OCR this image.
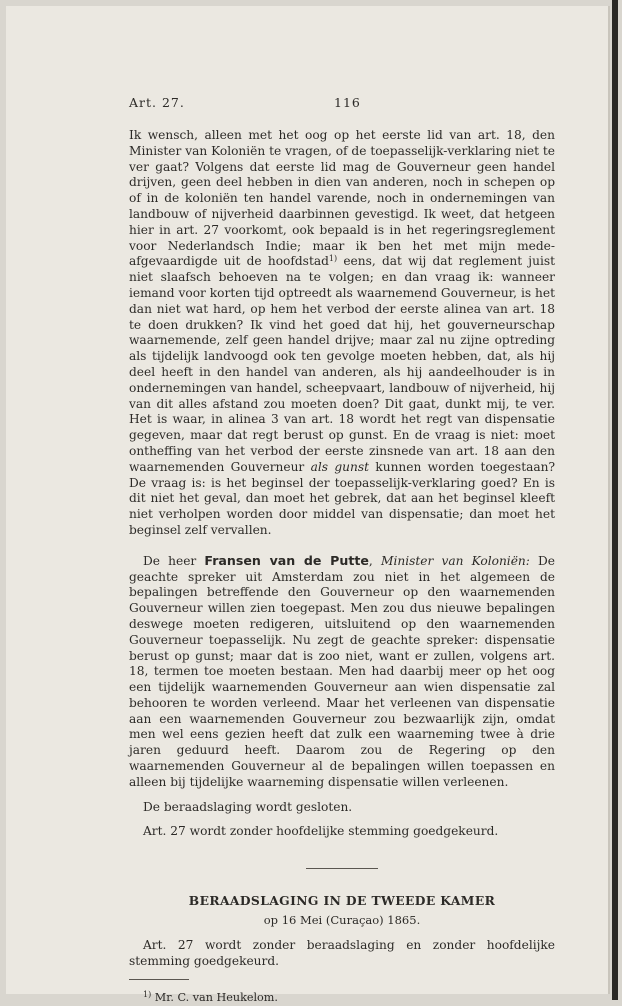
Art. 27.	116

Ik wensch, alleen met het oog op het eerste lid van art. 18, den Minister van Koloniën te vragen, of de toepasselijk-verklaring niet te ver gaat? Volgens dat eerste lid mag de Gouverneur geen handel drijven, geen deel hebben in dien van anderen, noch in schepen op of in de koloniën ten handel varende, noch in ondernemingen van landbouw of nijverheid daarbinnen gevestigd. Ik weet, dat hetgeen hier in art. 27 voorkomt, ook bepaald is in het regeringsreglement voor Nederlandsch Indie; maar ik ben het met mijn mede-afgevaardigde uit de hoofdstad$^{1)}$ eens, dat wij dat reglement juist niet slaafsch behoeven na te volgen; en dan vraag ik: wanneer iemand voor korten tijd optreedt als waarnemend Gouverneur, is het dan niet wat hard, op hem het verbod der eerste alinea van art. 18 te doen drukken? Ik vind het goed dat hij, het gouverneurschap waarnemende, zelf geen handel drijve; maar zal nu zijne optreding als tijdelijk landvoogd ook ten gevolge moeten hebben, dat, als hij deel heeft in den handel van anderen, als hij aandeelhouder is in ondernemingen van handel, scheepvaart, landbouw of nijverheid, hij van dit alles afstand zou moeten doen? Dit gaat, dunkt mij, te ver. Het is waar, in alinea 3 van art. 18 wordt het regt van dispensatie gegeven, maar dat regt berust op gunst. En de vraag is niet: moet ontheffing van het verbod der eerste zinsnede van art. 18 aan den waarnemenden Gouverneur als gunst kunnen worden toegestaan? De vraag is: is het beginsel der toepasselijk-verklaring goed? En is dit niet het geval, dan moet het gebrek, dat aan het beginsel kleeft niet verholpen worden door middel van dispensatie; dan moet het beginsel zelf vervallen.

De heer Fransen van de Putte, Minister van Koloniën: De geachte spreker uit Amsterdam zou niet in het algemeen de bepalingen betreffende den Gouverneur op den waarnemenden Gouverneur willen zien toegepast. Men zou dus nieuwe bepalingen deswege moeten redigeren, uitsluitend op den waarnemenden Gouverneur toepasselijk. Nu zegt de geachte spreker: dispensatie berust op gunst; maar dat is zoo niet, want er zullen, volgens art. 18, termen toe moeten bestaan. Men had daarbij meer op het oog een tijdelijk waarnemenden Gouverneur aan wien dispensatie zal behooren te worden verleend. Maar het verleenen van dispensatie aan een waarnemenden Gouverneur zou bezwaarlijk zijn, omdat men wel eens gezien heeft dat zulk een waarneming twee à drie jaren geduurd heeft. Daarom zou de Regering op den waarnemenden Gouverneur al de bepalingen willen toepassen en alleen bij tijdelijke waarneming dispensatie willen verleenen.

De beraadslaging wordt gesloten.

Art. 27 wordt zonder hoofdelijke stemming goedgekeurd.

BERAADSLAGING IN DE TWEEDE KAMER

op 16 Mei (Curaçao) 1865.

Art. 27 wordt zonder beraadslaging en zonder hoofdelijke stemming goedgekeurd.

$^{1)}$ Mr. C. van Heukelom.
